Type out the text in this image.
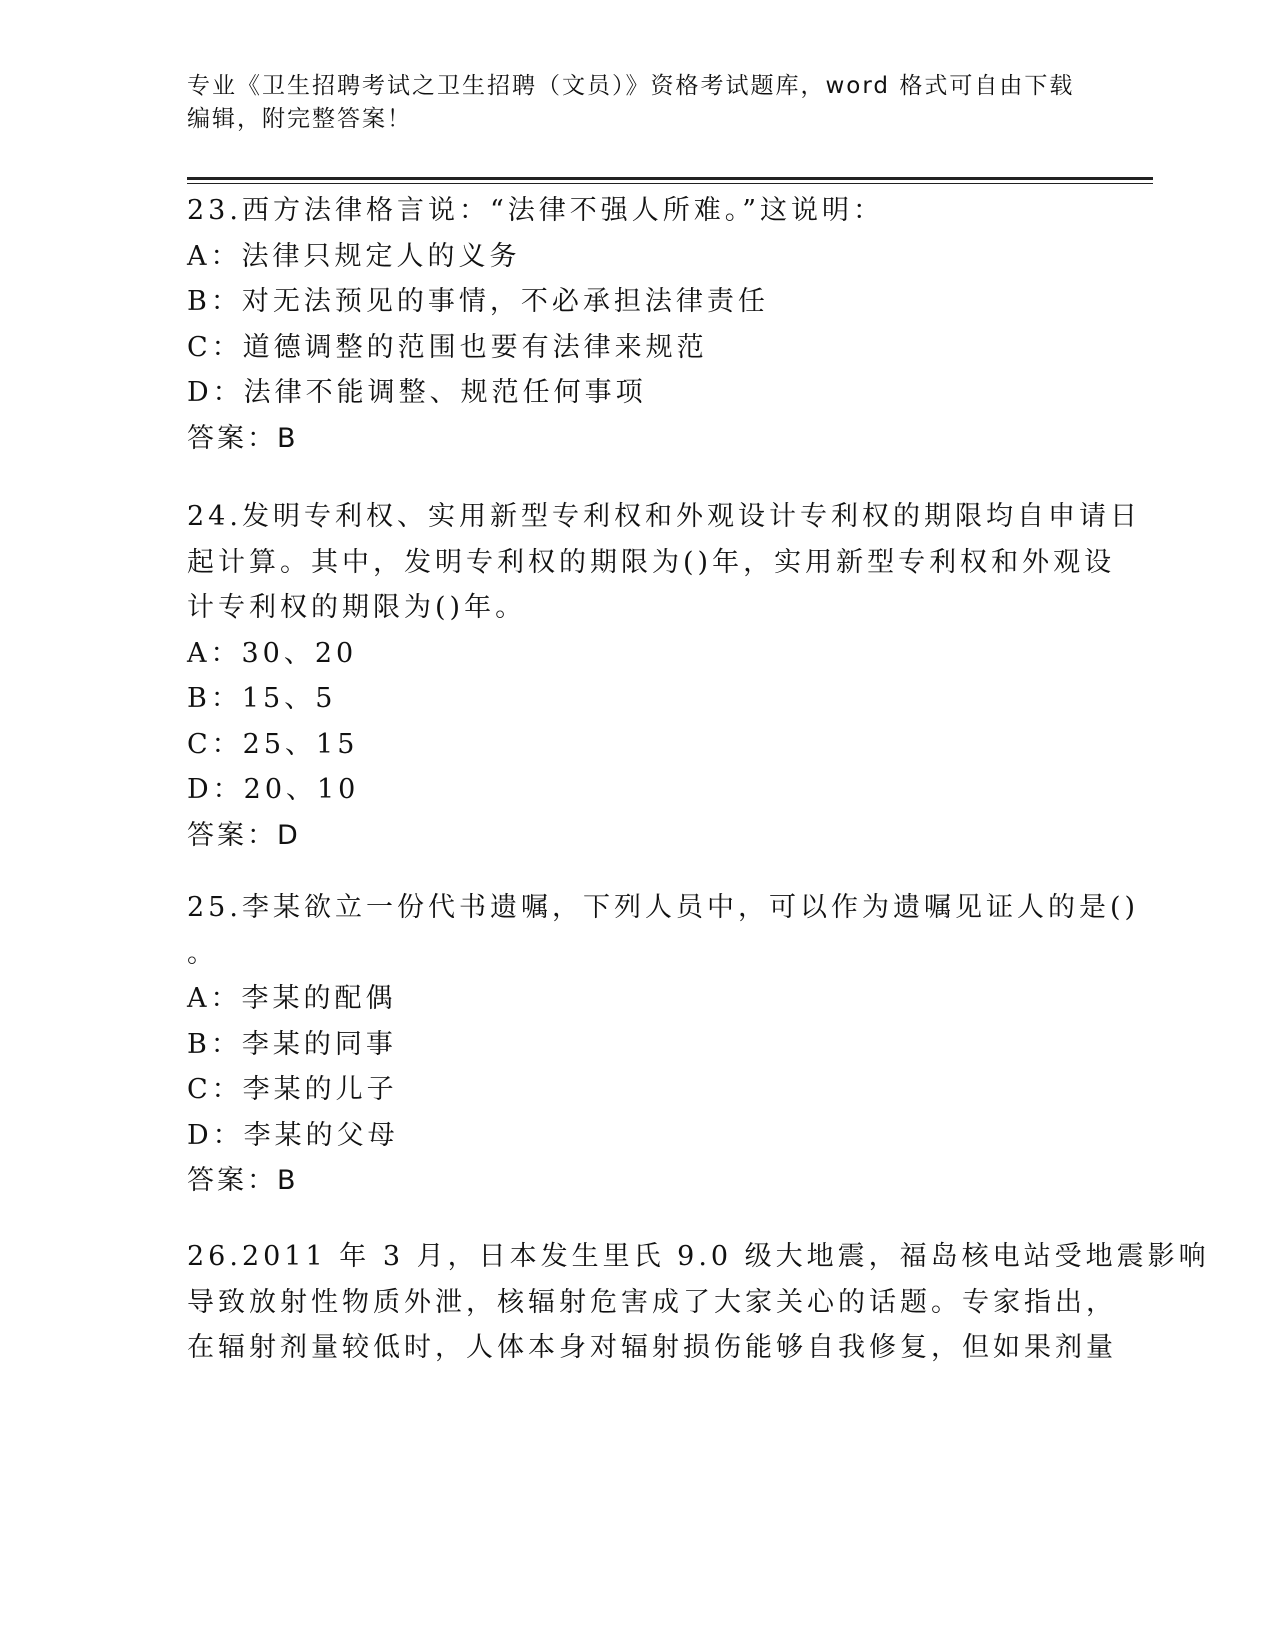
专业《卫生招聘考试之卫生招聘（文员）》资格考试题库，word 格式可自由下载
编辑，附完整答案！
23.西方法律格言说：“法律不强人所难。”这说明：
A：法律只规定人的义务
B：对无法预见的事情，不必承担法律责任
C：道德调整的范围也要有法律来规范
D：法律不能调整、规范任何事项
答案：B
24.发明专利权、实用新型专利权和外观设计专利权的期限均自申请日
起计算。其中，发明专利权的期限为()年，实用新型专利权和外观设
计专利权的期限为()年。
A：30、20
B：15、5
C：25、15
D：20、10
答案：D
25.李某欲立一份代书遗嘱，下列人员中，可以作为遗嘱见证人的是()
。
A：李某的配偶
B：李某的同事
C：李某的儿子
D：李某的父母
答案：B
26.2011 年 3 月，日本发生里氏 9.0 级大地震，福岛核电站受地震影响
导致放射性物质外泄，核辐射危害成了大家关心的话题。专家指出，
在辐射剂量较低时，人体本身对辐射损伤能够自我修复，但如果剂量
